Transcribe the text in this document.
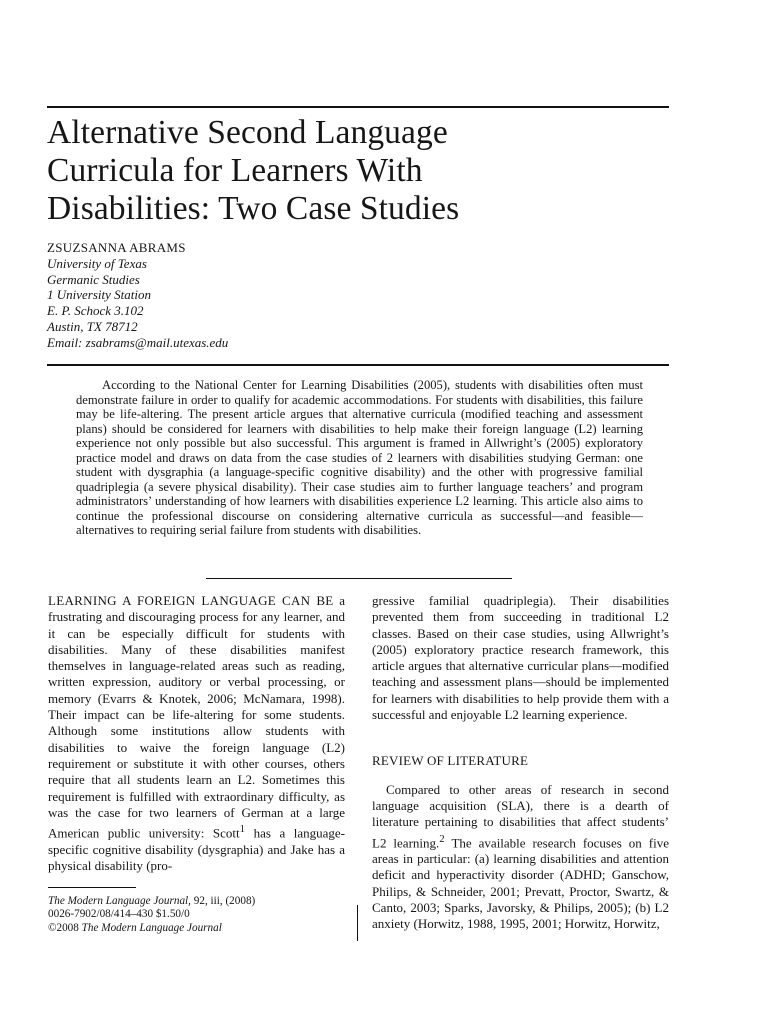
Alternative Second Language
Curricula for Learners With
Disabilities: Two Case Studies
ZSUZSANNA ABRAMS
University of Texas
Germanic Studies
1 University Station
E. P. Schock 3.102
Austin, TX 78712
Email: zsabrams@mail.utexas.edu

According to the National Center for Learning Disabilities (2005), students with disabilities often must demonstrate failure in order to qualify for academic accommodations. For students with disabilities, this failure may be life-altering. The present article argues that alternative curricula (modified teaching and assessment plans) should be considered for learners with disabilities to help make their foreign language (L2) learning experience not only possible but also successful. This argument is framed in Allwright’s (2005) exploratory practice model and draws on data from the case studies of 2 learners with disabilities studying German: one student with dysgraphia (a language-specific cognitive disability) and the other with progressive familial quadriplegia (a severe physical disability). Their case studies aim to further language teachers’ and program administrators’ understanding of how learners with disabilities experience L2 learning. This article also aims to continue the professional discourse on considering alternative curricula as successful—and feasible—alternatives to requiring serial failure from students with disabilities.

LEARNING A FOREIGN LANGUAGE CAN BE a frustrating and discouraging process for any learner, and it can be especially difficult for students with disabilities. Many of these disabilities manifest themselves in language-related areas such as reading, written expression, auditory or verbal processing, or memory (Evarrs & Knotek, 2006; McNamara, 1998). Their impact can be life-altering for some students. Although some institutions allow students with disabilities to waive the foreign language (L2) requirement or substitute it with other courses, others require that all students learn an L2. Sometimes this requirement is fulfilled with extraordinary difficulty, as was the case for two learners of German at a large American public university: Scott$^1$ has a language-specific cognitive disability (dysgraphia) and Jake has a physical disability (pro-

gressive familial quadriplegia). Their disabilities prevented them from succeeding in traditional L2 classes. Based on their case studies, using Allwright’s (2005) exploratory practice research framework, this article argues that alternative curricular plans—modified teaching and assessment plans—should be implemented for learners with disabilities to help provide them with a successful and enjoyable L2 learning experience.

REVIEW OF LITERATURE

Compared to other areas of research in second language acquisition (SLA), there is a dearth of literature pertaining to disabilities that affect students’ L2 learning.$^2$ The available research focuses on five areas in particular: (a) learning disabilities and attention deficit and hyperactivity disorder (ADHD; Ganschow, Philips, & Schneider, 2001; Prevatt, Proctor, Swartz, & Canto, 2003; Sparks, Javorsky, & Philips, 2005); (b) L2 anxiety (Horwitz, 1988, 1995, 2001; Horwitz, Horwitz,

The Modern Language Journal, 92, iii, (2008)
0026-7902/08/414–430 $1.50/0
©2008 The Modern Language Journal
